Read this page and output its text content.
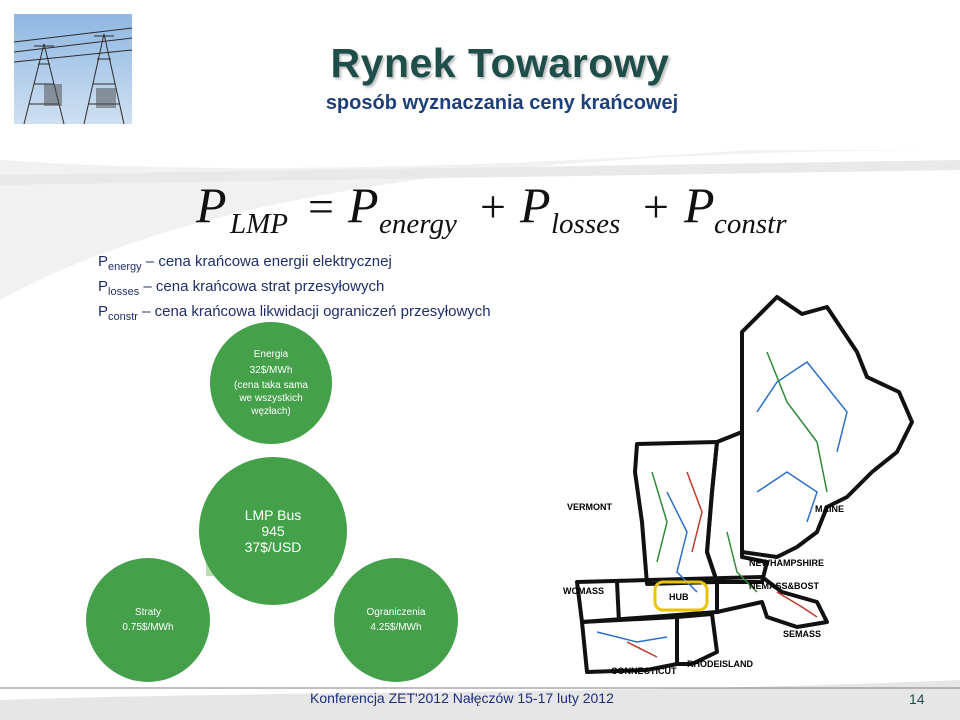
Rynek Towarowy
sposób wyznaczania ceny krańcowej
P LMP = P energy + P losses + P constr
$P_{energy}$ – cena krańcowa energii elektrycznej
$P_{losses}$ – cena krańcowa strat przesyłowych
$P_{constr}$ – cena krańcowa likwidacji ograniczeń przesyłowych
Energia
32$/MWh
(cena taka sama
we wszystkich
węzłach)
LMP Bus
945
37$/USD
Straty
0.75$/MWh
Ograniczenia
4.25$/MWh
VERMONT	MAINE
NEWHAMPSHIRE
NEMASS&BOST
WCMASS
HUB
SEMASS
RHODEISLAND
CONNECTICUT
Konferencja ZET'2012 Nałęczów 15-17 luty 2012	14
